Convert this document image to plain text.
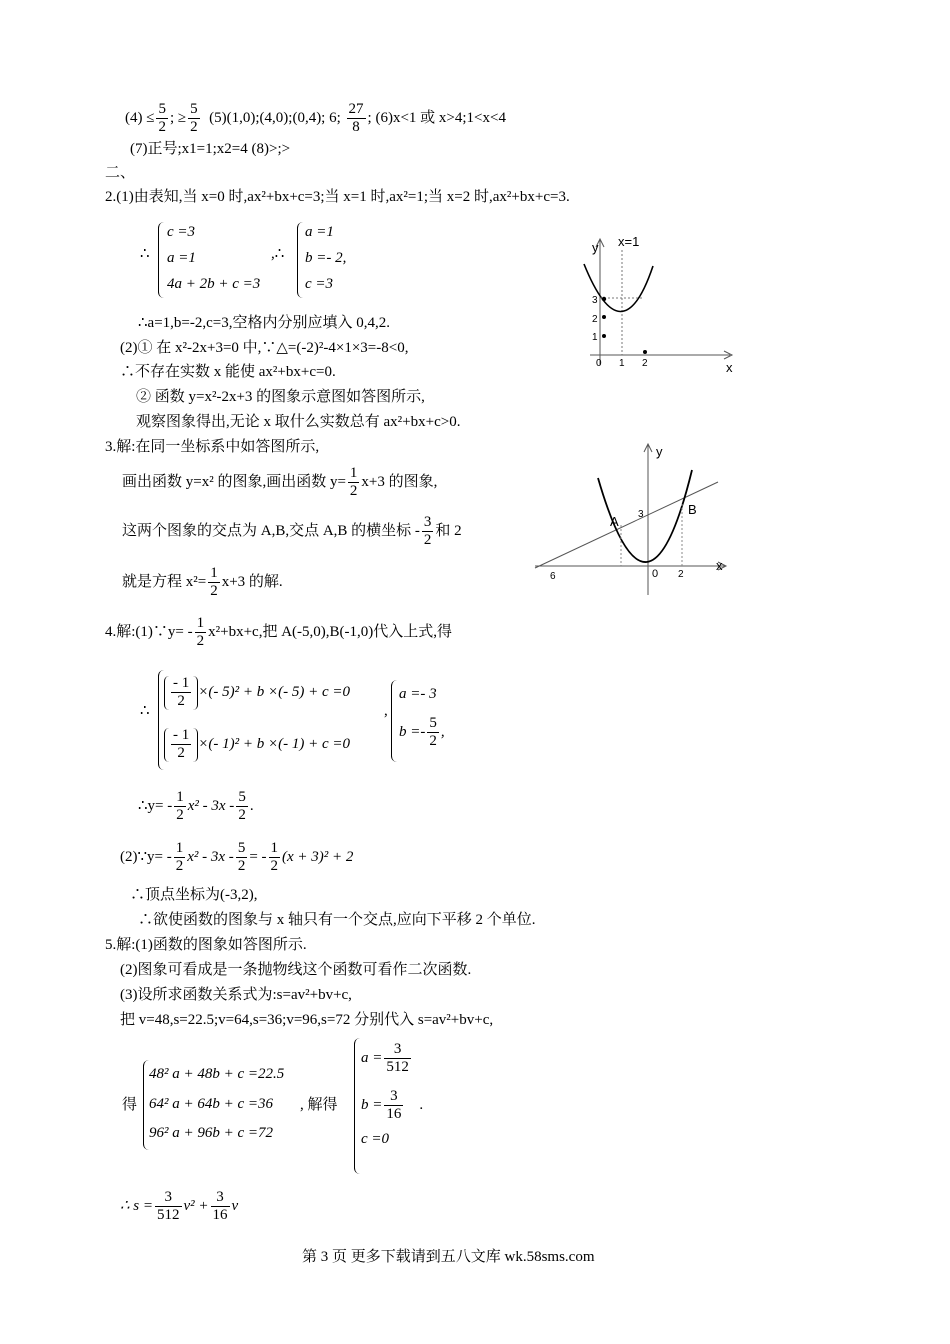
$(4) \le \frac{5}{2}$ ; ≥ $\frac{5}{2}$ (5)(1,0);(4,0);(0,4); 6; $\frac{27}{8}$ ; (6)x<1 或 x>4;1<x<4
(7)正号;x1=1;x2=4 (8)>;>
二、
2.(1)由表知,当 x=0 时,ax²+bx+c=3;当 x=1 时,ax²=1;当 x=2 时,ax²+bx+c=3.
∴
c =3
a =1
4a + 2b + c =3
,∴
a =1
b =- 2,
c =3
∴a=1,b=-2,c=3,空格内分别应填入 0,4,2.
(2)① 在 x²-2x+3=0 中,∵△=(-2)²-4×1×3=-8<0,
∴不存在实数 x 能使 ax²+bx+c=0.
② 函数 y=x²-2x+3 的图象示意图如答图所示,
观察图象得出,无论 x 取什么实数总有 ax²+bx+c>0.
y
x
x=1
3
2
1
0 1 2
3.解:在同一坐标系中如答图所示,
画出函数 y=x² 的图象,画出函数 $y= \frac{1}{2} x+3$ 的图象,
这两个图象的交点为 A,B,交点 A,B 的横坐标 - $\frac{3}{2}$ 和 2
就是方程 $x^2= \frac{1}{2} x+3$ 的解.
y
x
A
B
3
6	0 2
4.解:(1)∵y= - $\frac{1}{2} x^2+bx+c$,把 A(-5,0),B(-1,0)代入上式,得
∴
$\frac{- 1}{2}$ ×(- 5)² + b ×(- 5) + c =0
$\frac{- 1}{2}$ ×(- 1)² + b ×(- 1) + c =0
,
a =- 3
$b =- \frac{5}{2}$ ,
∴y= - $\frac{1}{2} x^2 - 3x - \frac{5}{2}$ .
(2)∵y= - $\frac{1}{2} x^2 - 3x - \frac{5}{2}$ = - $\frac{1}{2} (x + 3)^2 + 2$
∴顶点坐标为(-3,2),
∴欲使函数的图象与 x 轴只有一个交点,应向下平移 2 个单位.
5.解:(1)函数的图象如答图所示.
(2)图象可看成是一条抛物线这个函数可看作二次函数.
(3)设所求函数关系式为:s=av²+bv+c,
把 v=48,s=22.5;v=64,s=36;v=96,s=72 分别代入 s=av²+bv+c,
得
48² a + 48b + c =22.5
64² a + 64b + c =36
96² a + 96b + c =72
, 解得
$a = \frac{3}{512}$
$b = \frac{3}{16}$ .
c =0
∴ $s = \frac{3}{512} v^2 + \frac{3}{16}$ v
第 3 页 更多下载请到五八文库 wk.58sms.com
